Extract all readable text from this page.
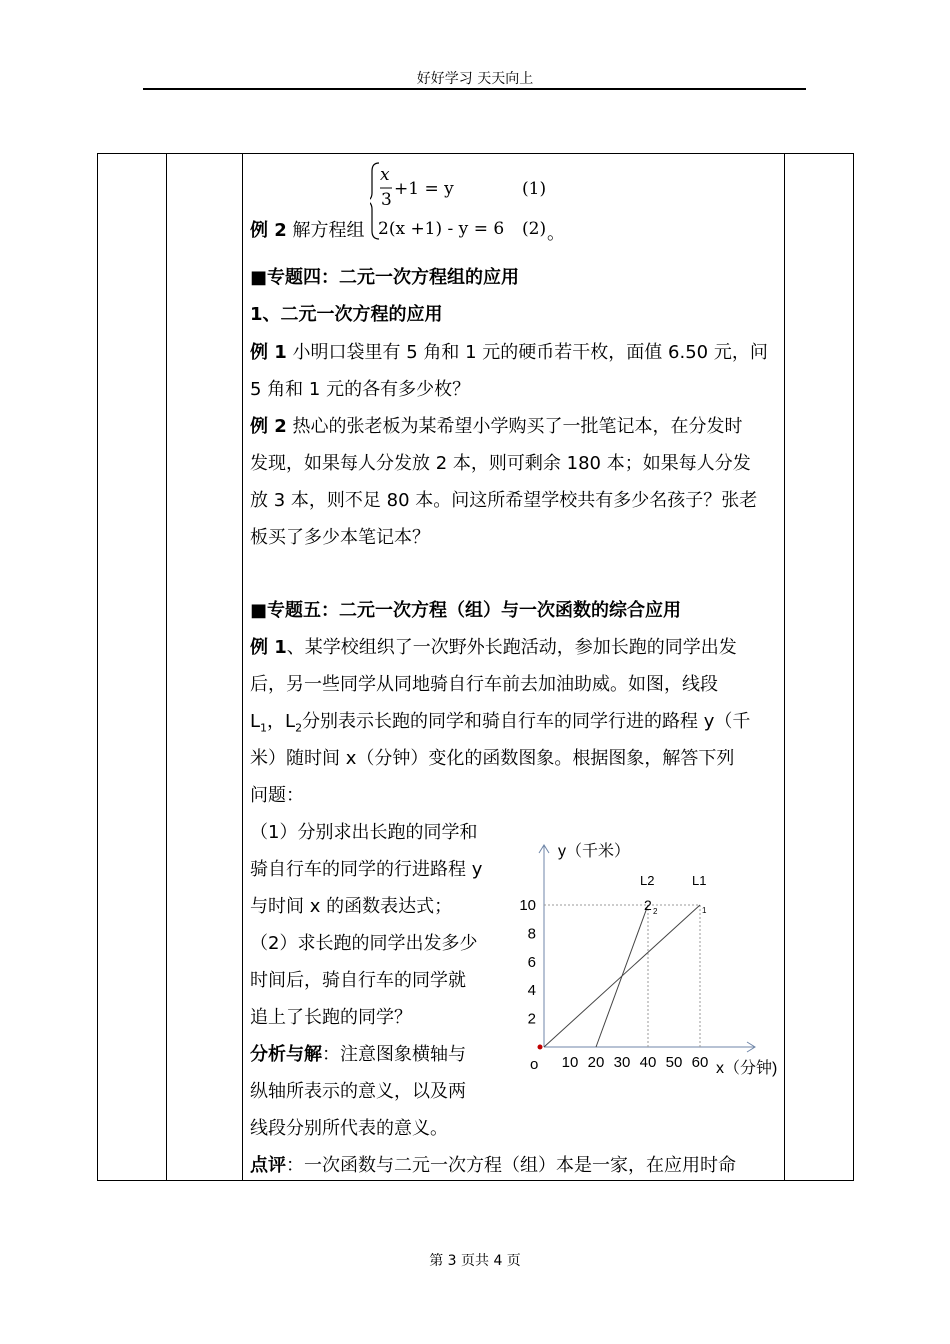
好好学习 天天向上
x
3
+1 = y	(1)
2(x +1) - y = 6 (2)
例 2 解方程组	。
■专题四：二元一次方程组的应用
1、二元一次方程的应用
例 1 小明口袋里有 5 角和 1 元的硬币若干枚，面值 6.50 元，问
5 角和 1 元的各有多少枚？
例 2 热心的张老板为某希望小学购买了一批笔记本，在分发时
发现，如果每人分发放 2 本，则可剩余 180 本；如果每人分发
放 3 本，则不足 80 本。问这所希望学校共有多少名孩子？张老
板买了多少本笔记本？
■专题五：二元一次方程（组）与一次函数的综合应用
例 1、某学校组织了一次野外长跑活动，参加长跑的同学出发
后，另一些同学从同地骑自行车前去加油助威。如图，线段
$L_1$，$L_2$分别表示长跑的同学和骑自行车的同学行进的路程 y（千
米）随时间 x（分钟）变化的函数图象。根据图象，解答下列
问题：
（1）分别求出长跑的同学和
骑自行车的同学的行进路程 y
与时间 x 的函数表达式；
（2）求长跑的同学出发多少
时间后，骑自行车的同学就
追上了长跑的同学？
分析与解：注意图象横轴与
纵轴所表示的意义，以及两
线段分别所代表的意义。
点评：一次函数与二元一次方程（组）本是一家，在应用时命
L1
1
L2
2 2
2
4
6
8
10
10 20 30 40 50 60
o
y（千米）
x（分钟)
第 3 页共 4 页
